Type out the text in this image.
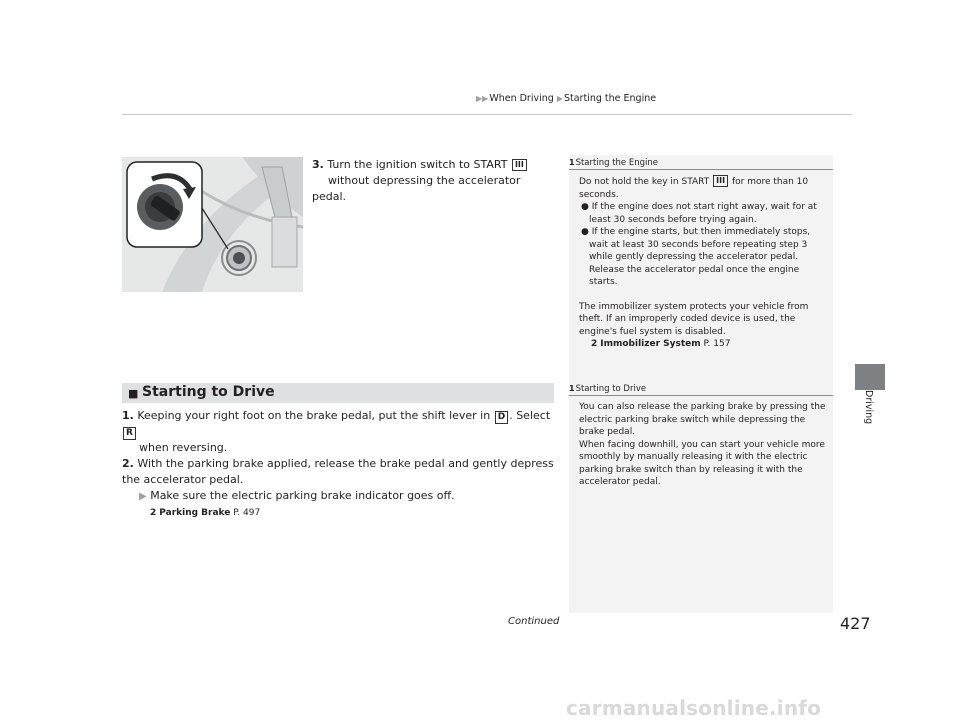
▶▶When Driving ▶Starting the Engine
Driving
3. Turn the ignition switch to START III
without depressing the accelerator pedal.
■ Starting to Drive

1. Keeping your right foot on the brake pedal, put the shift lever in D . Select R

when reversing.

2. With the parking brake applied, release the brake pedal and gently depress the accelerator pedal.

▶ Make sure the electric parking brake indicator goes off.

2 Parking Brake P. 497

1Starting the Engine

Do not hold the key in START III for more than 10 seconds.

● If the engine does not start right away, wait for at least 30 seconds before trying again.

● If the engine starts, but then immediately stops, wait at least 30 seconds before repeating step 3 while gently depressing the accelerator pedal. Release the accelerator pedal once the engine starts.

The immobilizer system protects your vehicle from theft. If an improperly coded device is used, the engine's fuel system is disabled.

2 Immobilizer System P. 157

1Starting to Drive

You can also release the parking brake by pressing the electric parking brake switch while depressing the brake pedal.

When facing downhill, you can start your vehicle more smoothly by manually releasing it with the electric parking brake switch than by releasing it with the accelerator pedal.

Continued	427
carmanualsonline.info
